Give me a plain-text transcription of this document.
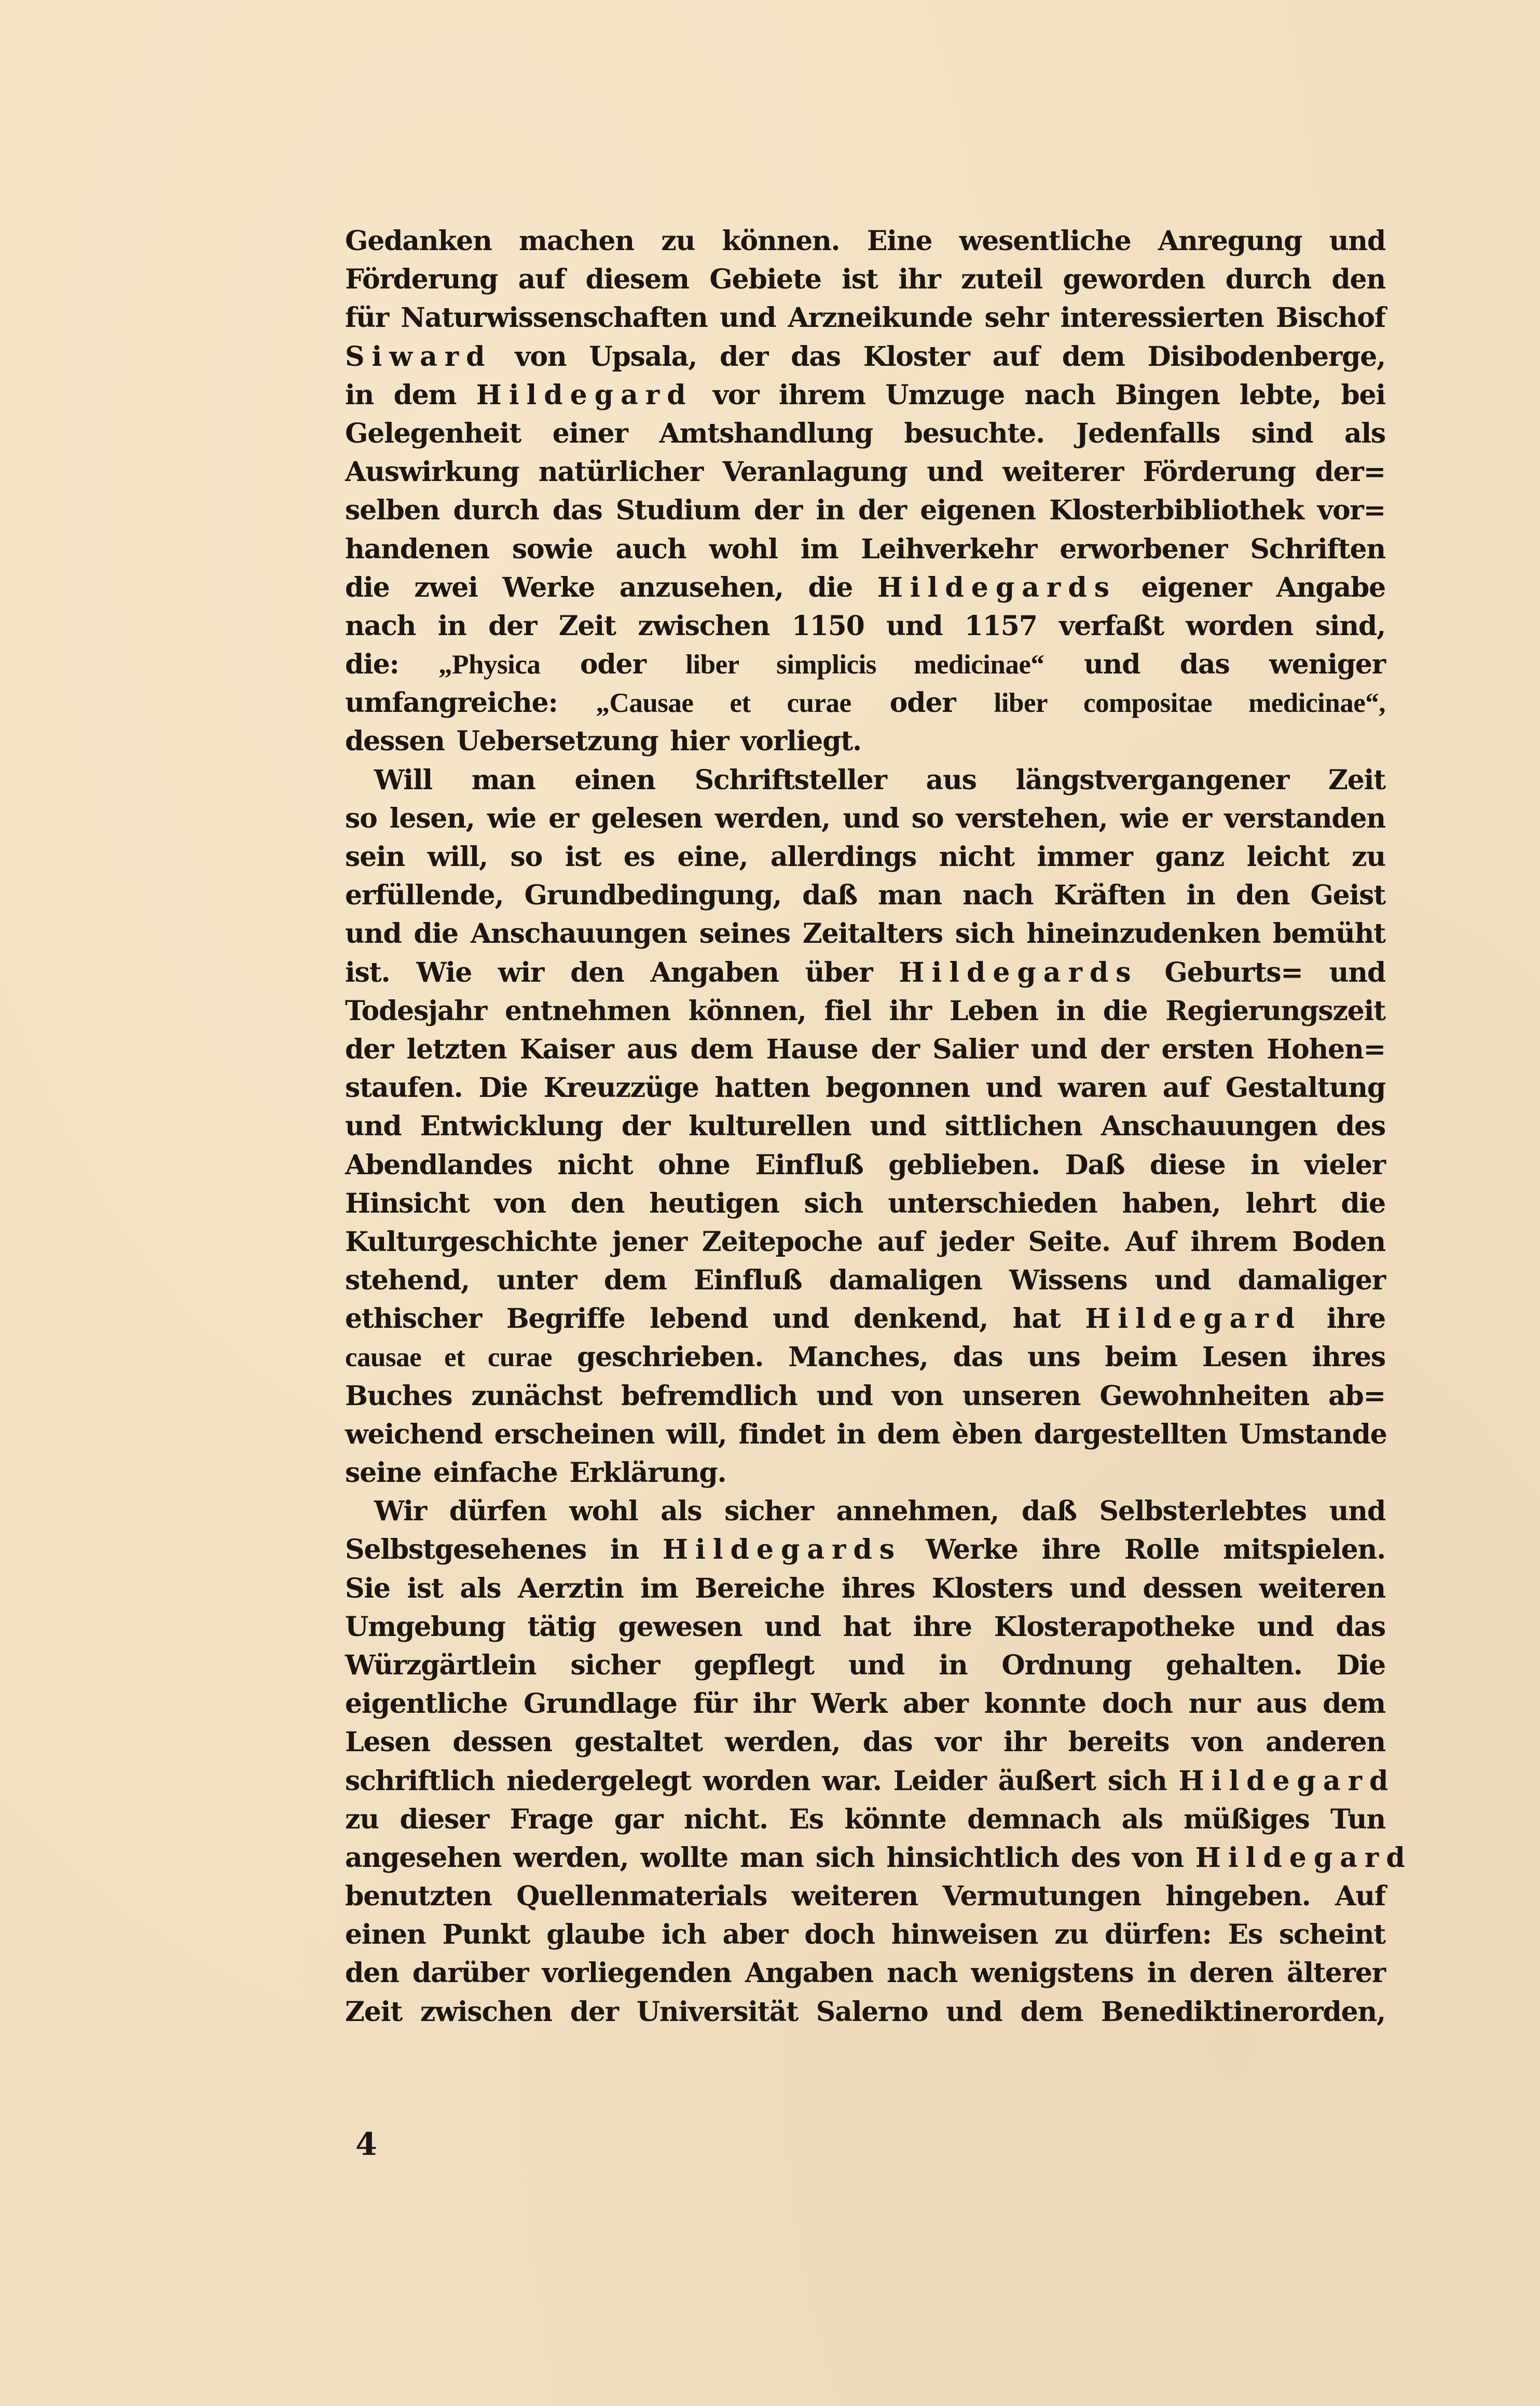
Gedanken machen zu können. Eine wesentliche Anregung und
Förderung auf diesem Gebiete ist ihr zuteil geworden durch den
für Naturwissenschaften und Arzneikunde sehr interessierten Bischof
Siward von Upsala, der das Kloster auf dem Disibodenberge,
in dem Hildegard vor ihrem Umzuge nach Bingen lebte, bei
Gelegenheit einer Amtshandlung besuchte. Jedenfalls sind als
Auswirkung natürlicher Veranlagung und weiterer Förderung der=
selben durch das Studium der in der eigenen Klosterbibliothek vor=
handenen sowie auch wohl im Leihverkehr erworbener Schriften
die zwei Werke anzusehen, die Hildegards eigener Angabe
nach in der Zeit zwischen 1150 und 1157 verfaßt worden sind,
die: „Physica oder liber simplicis medicinae“ und das weniger
umfangreiche: „Causae et curae oder liber compositae medicinae“,
dessen Uebersetzung hier vorliegt.
Will man einen Schriftsteller aus längstvergangener Zeit
so lesen, wie er gelesen werden, und so verstehen, wie er verstanden
sein will, so ist es eine, allerdings nicht immer ganz leicht zu
erfüllende, Grundbedingung, daß man nach Kräften in den Geist
und die Anschauungen seines Zeitalters sich hineinzudenken bemüht
ist. Wie wir den Angaben über Hildegards Geburts= und
Todesjahr entnehmen können, fiel ihr Leben in die Regierungszeit
der letzten Kaiser aus dem Hause der Salier und der ersten Hohen=
staufen. Die Kreuzzüge hatten begonnen und waren auf Gestaltung
und Entwicklung der kulturellen und sittlichen Anschauungen des
Abendlandes nicht ohne Einfluß geblieben. Daß diese in vieler
Hinsicht von den heutigen sich unterschieden haben, lehrt die
Kulturgeschichte jener Zeitepoche auf jeder Seite. Auf ihrem Boden
stehend, unter dem Einfluß damaligen Wissens und damaliger
ethischer Begriffe lebend und denkend, hat Hildegard ihre
causae et curae geschrieben. Manches, das uns beim Lesen ihres
Buches zunächst befremdlich und von unseren Gewohnheiten ab=
weichend erscheinen will, findet in dem èben dargestellten Umstande
seine einfache Erklärung.
Wir dürfen wohl als sicher annehmen, daß Selbsterlebtes und
Selbstgesehenes in Hildegards Werke ihre Rolle mitspielen.
Sie ist als Aerztin im Bereiche ihres Klosters und dessen weiteren
Umgebung tätig gewesen und hat ihre Klosterapotheke und das
Würzgärtlein sicher gepflegt und in Ordnung gehalten. Die
eigentliche Grundlage für ihr Werk aber konnte doch nur aus dem
Lesen dessen gestaltet werden, das vor ihr bereits von anderen
schriftlich niedergelegt worden war. Leider äußert sich Hildegard
zu dieser Frage gar nicht. Es könnte demnach als müßiges Tun
angesehen werden, wollte man sich hinsichtlich des von Hildegard
benutzten Quellenmaterials weiteren Vermutungen hingeben. Auf
einen Punkt glaube ich aber doch hinweisen zu dürfen: Es scheint
den darüber vorliegenden Angaben nach wenigstens in deren älterer
Zeit zwischen der Universität Salerno und dem Benediktinerorden,
4
